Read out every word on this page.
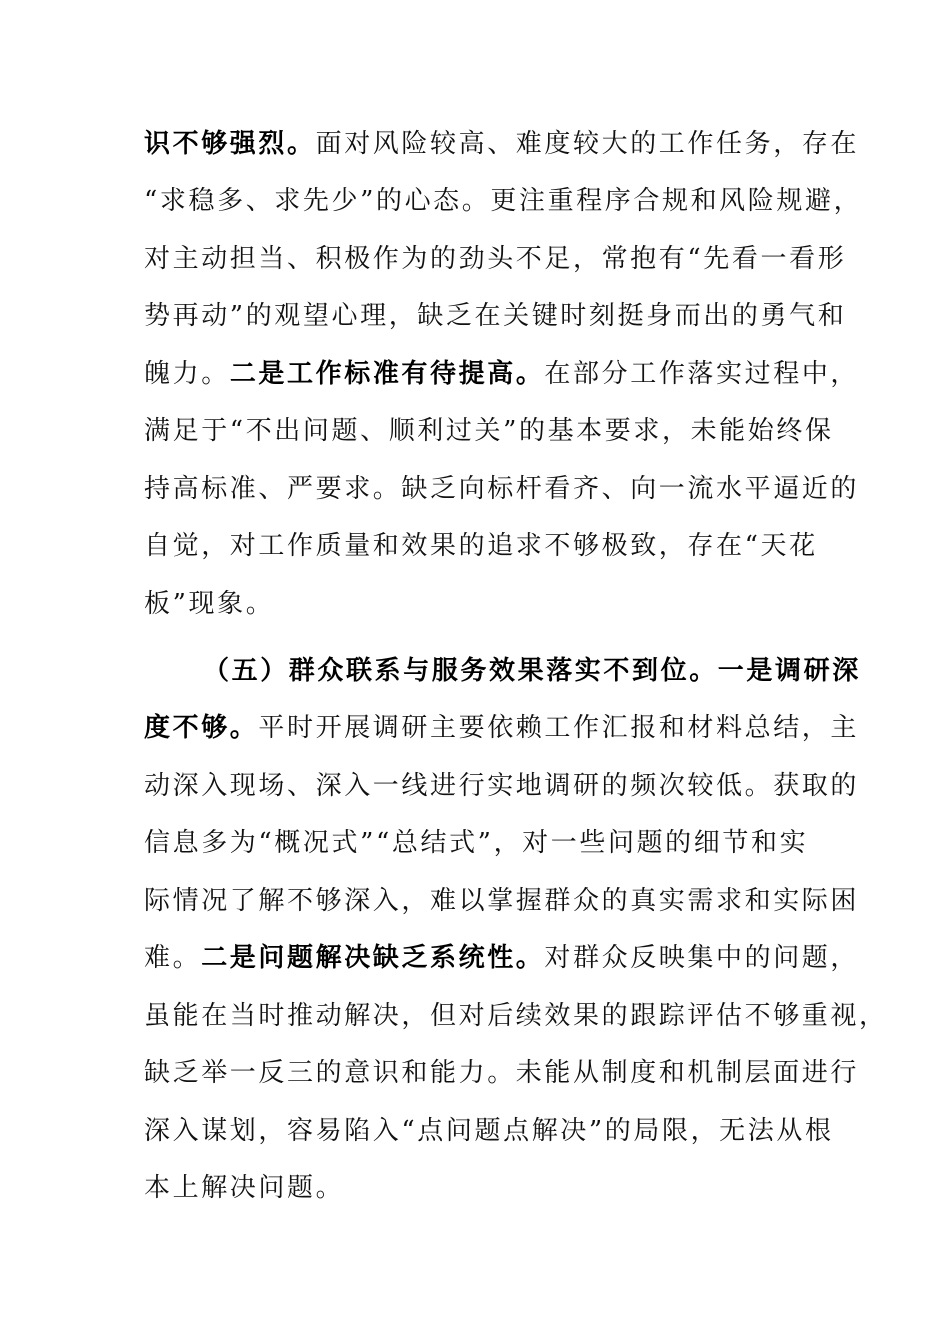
识不够强烈。面对风险较高、难度较大的工作任务，存在
“求稳多、求先少”的心态。更注重程序合规和风险规避，
对主动担当、积极作为的劲头不足，常抱有“先看一看形
势再动”的观望心理，缺乏在关键时刻挺身而出的勇气和
魄力。二是工作标准有待提高。在部分工作落实过程中，
满足于“不出问题、顺利过关”的基本要求，未能始终保
持高标准、严要求。缺乏向标杆看齐、向一流水平逼近的
自觉，对工作质量和效果的追求不够极致，存在“天花
板”现象。
（五）群众联系与服务效果落实不到位。一是调研深
度不够。平时开展调研主要依赖工作汇报和材料总结，主
动深入现场、深入一线进行实地调研的频次较低。获取的
信息多为“概况式”“总结式”，对一些问题的细节和实
际情况了解不够深入，难以掌握群众的真实需求和实际困
难。二是问题解决缺乏系统性。对群众反映集中的问题，
虽能在当时推动解决，但对后续效果的跟踪评估不够重视，
缺乏举一反三的意识和能力。未能从制度和机制层面进行
深入谋划，容易陷入“点问题点解决”的局限，无法从根
本上解决问题。
